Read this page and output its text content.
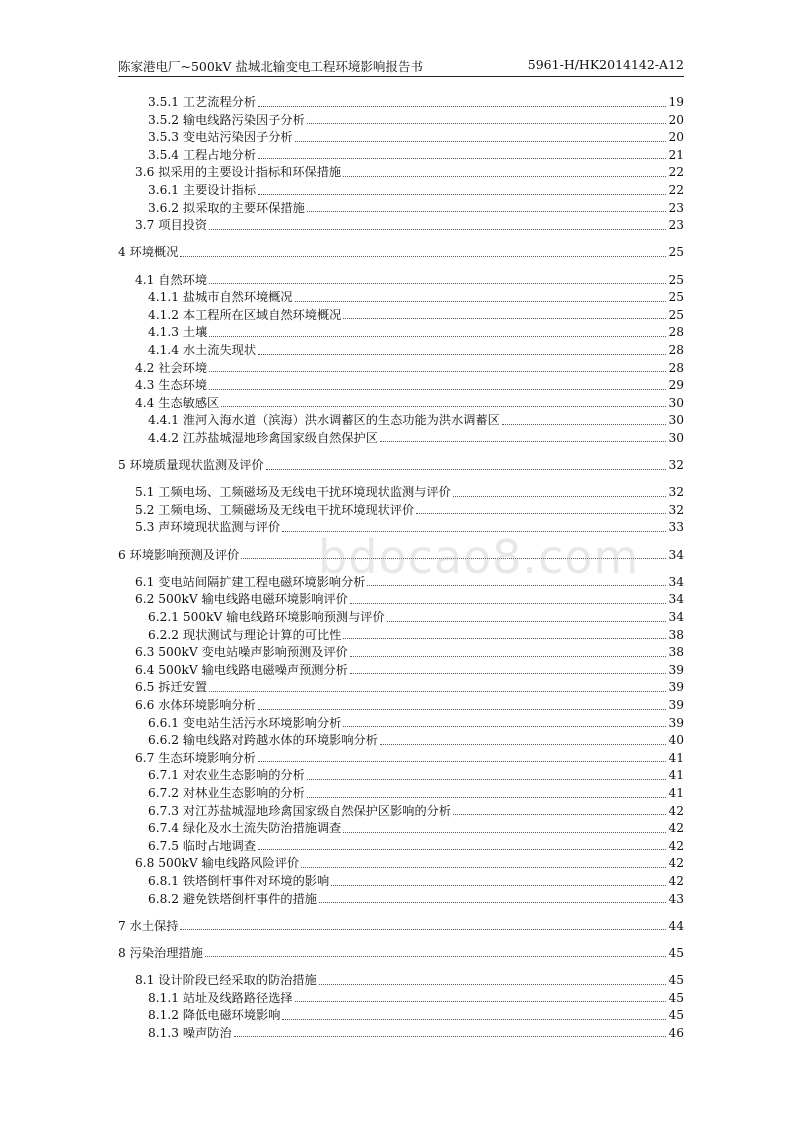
陈家港电厂~500kV 盐城北输变电工程环境影响报告书	5961-H/HK2014142-A12
3.5.1 工艺流程分析	19
3.5.2 输电线路污染因子分析	20
3.5.3 变电站污染因子分析	20
3.5.4 工程占地分析	21
3.6 拟采用的主要设计指标和环保措施	22
3.6.1 主要设计指标	22
3.6.2 拟采取的主要环保措施	23
3.7 项目投资	23
4 环境概况	25
4.1 自然环境	25
4.1.1 盐城市自然环境概况	25
4.1.2 本工程所在区域自然环境概况	25
4.1.3 土壤	28
4.1.4 水土流失现状	28
4.2 社会环境	28
4.3 生态环境	29
4.4 生态敏感区	30
4.4.1 淮河入海水道（滨海）洪水调蓄区的生态功能为洪水调蓄区	30
4.4.2 江苏盐城湿地珍禽国家级自然保护区	30
5 环境质量现状监测及评价	32
5.1 工频电场、工频磁场及无线电干扰环境现状监测与评价	32
5.2 工频电场、工频磁场及无线电干扰环境现状评价	32
5.3 声环境现状监测与评价	33
6 环境影响预测及评价	34
6.1 变电站间隔扩建工程电磁环境影响分析	34
6.2 500kV 输电线路电磁环境影响评价	34
6.2.1 500kV 输电线路环境影响预测与评价	34
6.2.2 现状测试与理论计算的可比性	38
6.3 500kV 变电站噪声影响预测及评价	38
6.4 500kV 输电线路电磁噪声预测分析	39
6.5 拆迁安置	39
6.6 水体环境影响分析	39
6.6.1 变电站生活污水环境影响分析	39
6.6.2 输电线路对跨越水体的环境影响分析	40
6.7 生态环境影响分析	41
6.7.1 对农业生态影响的分析	41
6.7.2 对林业生态影响的分析	41
6.7.3 对江苏盐城湿地珍禽国家级自然保护区影响的分析	42
6.7.4 绿化及水土流失防治措施调查	42
6.7.5 临时占地调查	42
6.8 500kV 输电线路风险评价	42
6.8.1 铁塔倒杆事件对环境的影响	42
6.8.2 避免铁塔倒杆事件的措施	43
7 水土保持	44
8 污染治理措施	45
8.1 设计阶段已经采取的防治措施	45
8.1.1 站址及线路路径选择	45
8.1.2 降低电磁环境影响	45
8.1.3 噪声防治	46
bdocao8.com
